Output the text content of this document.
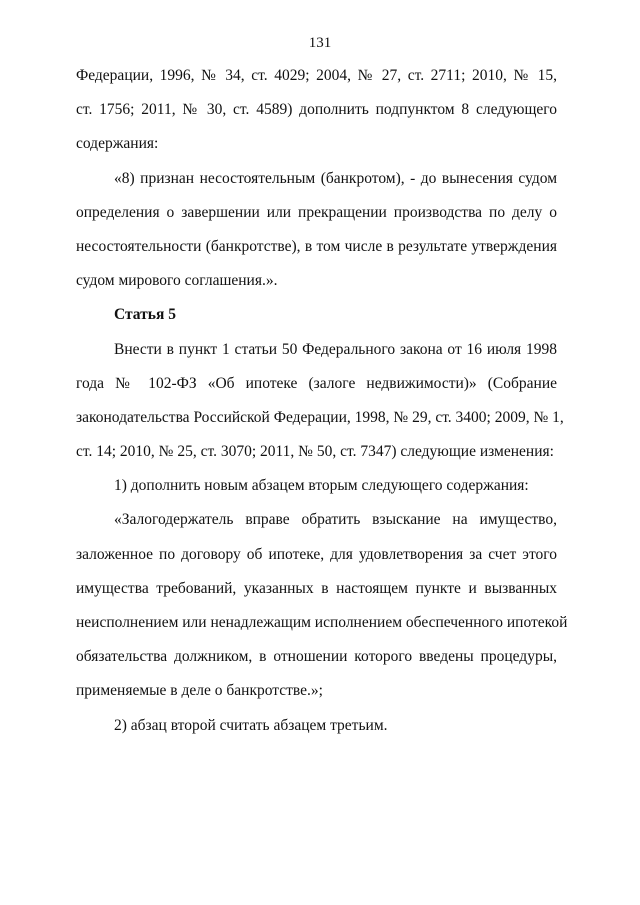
131
Федерации, 1996, № 34, ст. 4029; 2004, № 27, ст. 2711; 2010, № 15,
ст. 1756; 2011, № 30, ст. 4589) дополнить подпунктом 8 следующего
содержания:
«8) признан несостоятельным (банкротом), - до вынесения судом
определения о завершении или прекращении производства по делу о
несостоятельности (банкротстве), в том числе в результате утверждения
судом мирового соглашения.».
Статья 5
Внести в пункт 1 статьи 50 Федерального закона от 16 июля 1998
года № 102-ФЗ «Об ипотеке (залоге недвижимости)» (Собрание
законодательства Российской Федерации, 1998, № 29, ст. 3400; 2009, № 1,
ст. 14; 2010, № 25, ст. 3070; 2011, № 50, ст. 7347) следующие изменения:
1) дополнить новым абзацем вторым следующего содержания:
«Залогодержатель вправе обратить взыскание на имущество,
заложенное по договору об ипотеке, для удовлетворения за счет этого
имущества требований, указанных в настоящем пункте и вызванных
неисполнением или ненадлежащим исполнением обеспеченного ипотекой
обязательства должником, в отношении которого введены процедуры,
применяемые в деле о банкротстве.»;
2) абзац второй считать абзацем третьим.
